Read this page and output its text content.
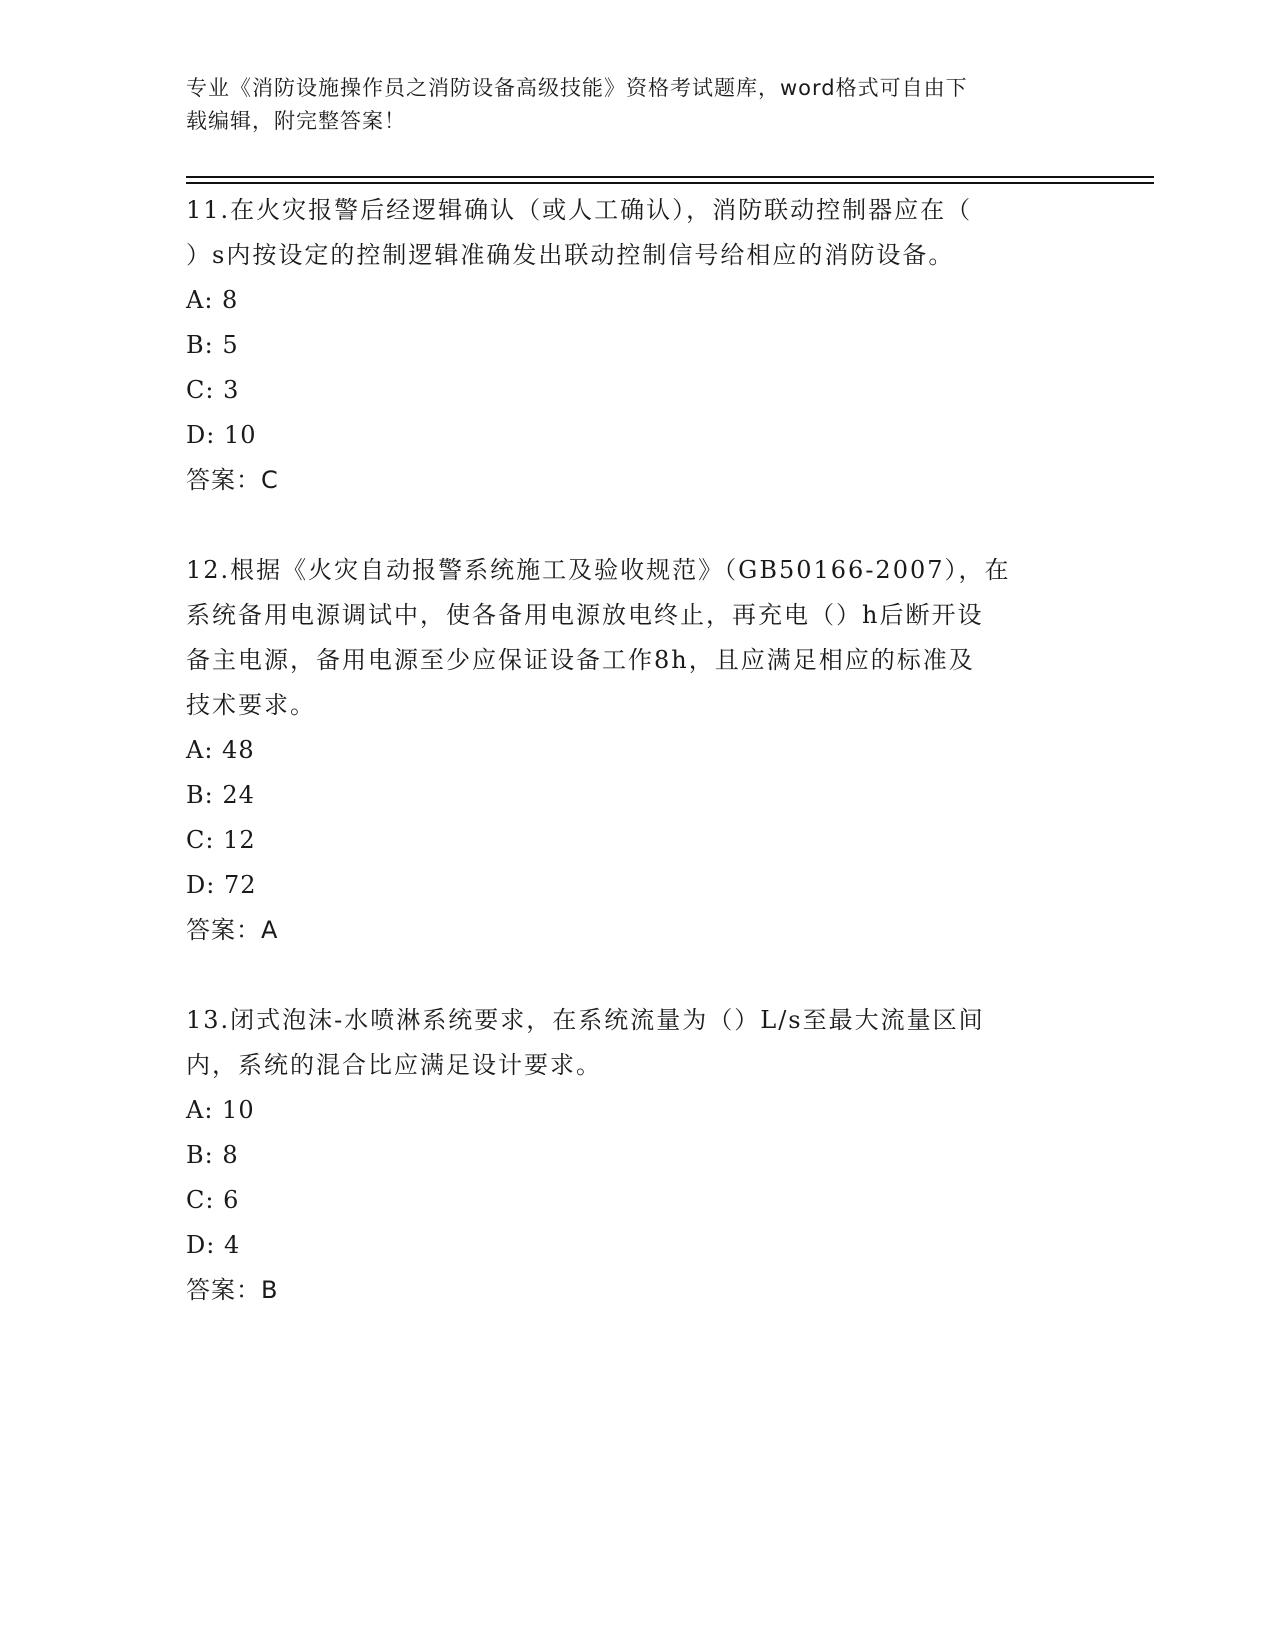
专业《消防设施操作员之消防设备高级技能》资格考试题库，word格式可自由下
载编辑，附完整答案！

11.在火灾报警后经逻辑确认（或人工确认），消防联动控制器应在（

）s内按设定的控制逻辑准确发出联动控制信号给相应的消防设备。

A: 8

B: 5

C: 3

D: 10

答案：C

12.根据《火灾自动报警系统施工及验收规范》（GB50166-2007），在

系统备用电源调试中，使各备用电源放电终止，再充电（）h后断开设

备主电源，备用电源至少应保证设备工作8h，且应满足相应的标准及

技术要求。

A: 48

B: 24

C: 12

D: 72

答案：A

13.闭式泡沫-水喷淋系统要求，在系统流量为（）L/s至最大流量区间

内，系统的混合比应满足设计要求。

A: 10

B: 8

C: 6

D: 4

答案：B
